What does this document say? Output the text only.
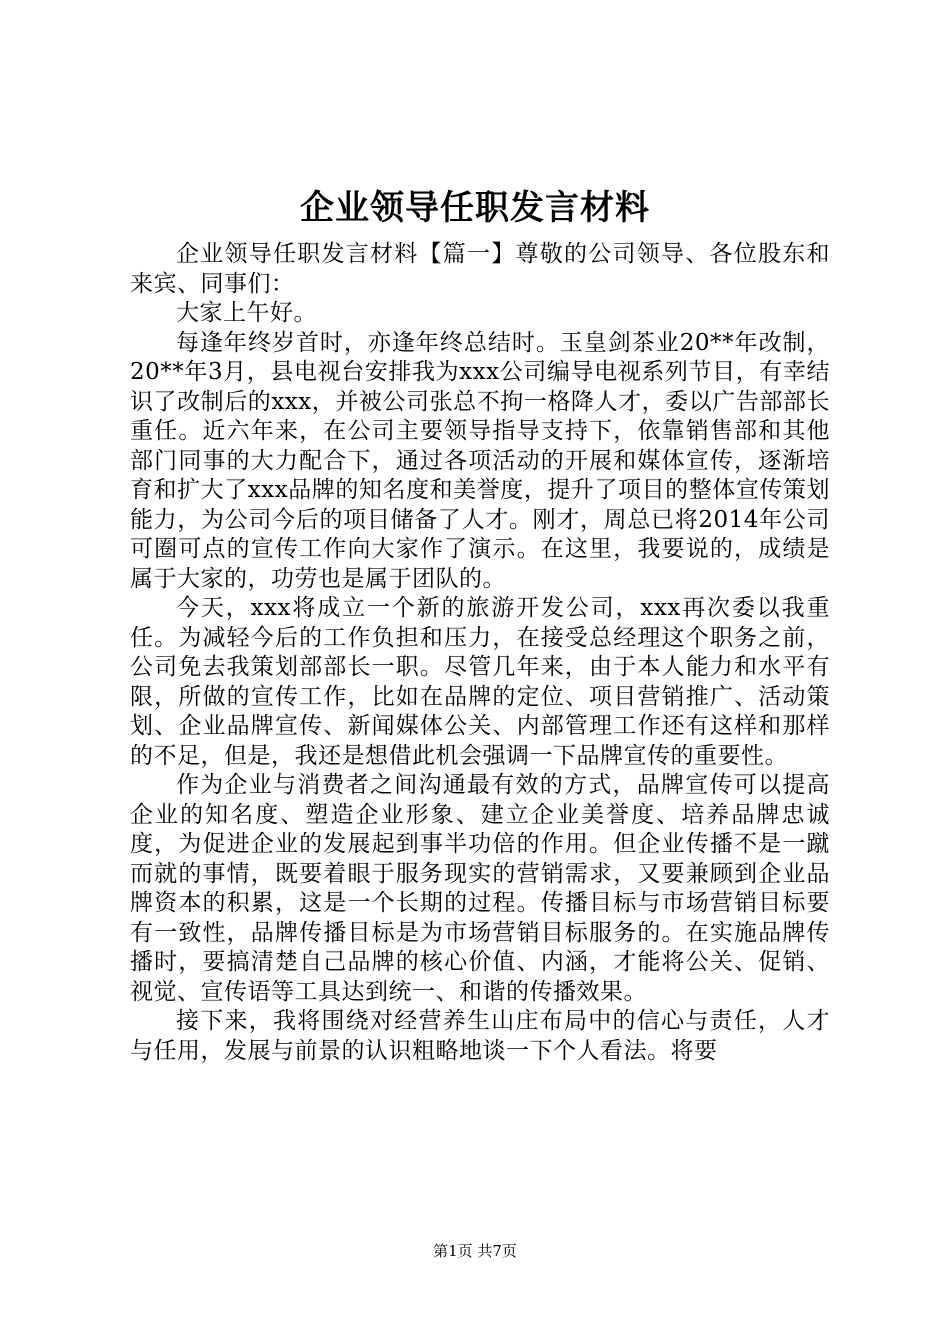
企业领导任职发言材料

企业领导任职发言材料【篇一】尊敬的公司领导、各位股东和来宾、同事们：

大家上午好。

每逢年终岁首时，亦逢年终总结时。玉皇剑茶业20**年改制，20**年3月，县电视台安排我为xxx公司编导电视系列节目，有幸结识了改制后的xxx，并被公司张总不拘一格降人才，委以广告部部长重任。近六年来，在公司主要领导指导支持下，依靠销售部和其他部门同事的大力配合下，通过各项活动的开展和媒体宣传，逐渐培育和扩大了xxx品牌的知名度和美誉度，提升了项目的整体宣传策划能力，为公司今后的项目储备了人才。刚才，周总已将2014年公司可圈可点的宣传工作向大家作了演示。在这里，我要说的，成绩是属于大家的，功劳也是属于团队的。

今天，xxx将成立一个新的旅游开发公司，xxx再次委以我重任。为减轻今后的工作负担和压力，在接受总经理这个职务之前，公司免去我策划部部长一职。尽管几年来，由于本人能力和水平有限，所做的宣传工作，比如在品牌的定位、项目营销推广、活动策划、企业品牌宣传、新闻媒体公关、内部管理工作还有这样和那样的不足，但是，我还是想借此机会强调一下品牌宣传的重要性。

作为企业与消费者之间沟通最有效的方式，品牌宣传可以提高企业的知名度、塑造企业形象、建立企业美誉度、培养品牌忠诚度，为促进企业的发展起到事半功倍的作用。但企业传播不是一蹴而就的事情，既要着眼于服务现实的营销需求，又要兼顾到企业品牌资本的积累，这是一个长期的过程。传播目标与市场营销目标要有一致性，品牌传播目标是为市场营销目标服务的。在实施品牌传播时，要搞清楚自己品牌的核心价值、内涵，才能将公关、促销、视觉、宣传语等工具达到统一、和谐的传播效果。

接下来，我将围绕对经营养生山庄布局中的信心与责任，人才与任用，发展与前景的认识粗略地谈一下个人看法。将要

第1页 共7页
